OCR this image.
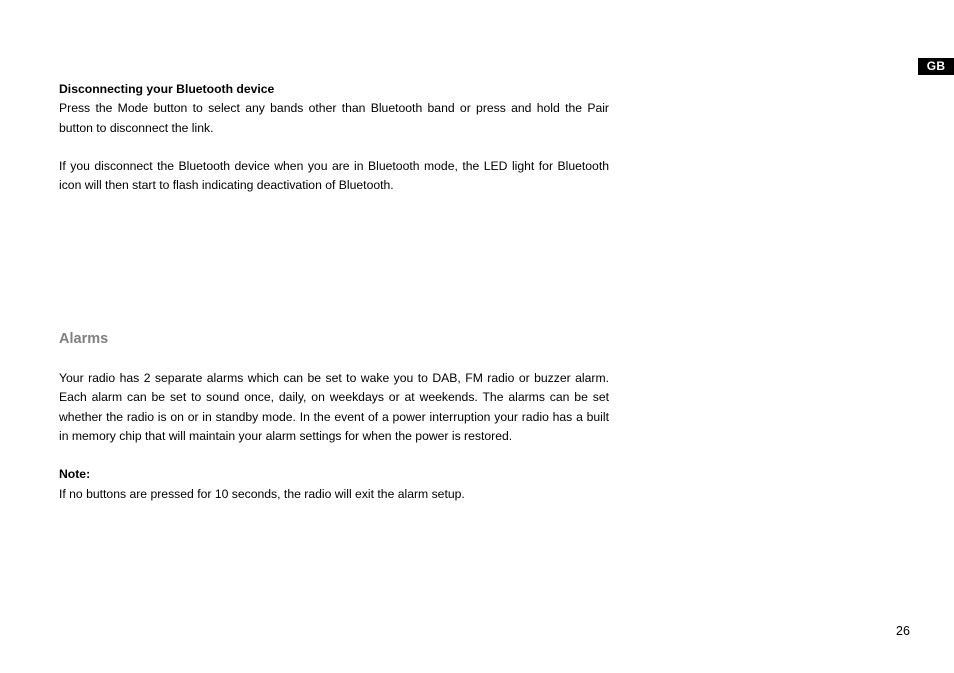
GB

Disconnecting your Bluetooth device

Press the Mode button to select any bands other than Bluetooth band or press and hold the Pair button to disconnect the link.

If you disconnect the Bluetooth device when you are in Bluetooth mode, the LED light for Bluetooth icon will then start to flash indicating deactivation of Bluetooth.

Alarms

Your radio has 2 separate alarms which can be set to wake you to DAB, FM radio or buzzer alarm. Each alarm can be set to sound once, daily, on weekdays or at weekends. The alarms can be set whether the radio is on or in standby mode. In the event of a power interruption your radio has a built in memory chip that will maintain your alarm settings for when the power is restored.

Note:

If no buttons are pressed for 10 seconds, the radio will exit the alarm setup.

26
